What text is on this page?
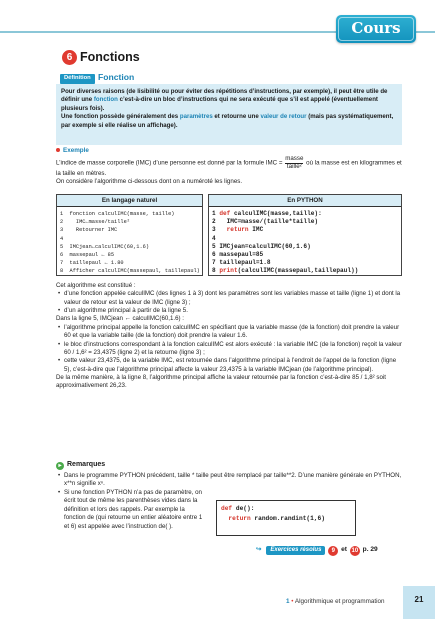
Cours
6 Fonctions
Définition Fonction

Pour diverses raisons (de lisibilité ou pour éviter des répétitions d’instructions, par exemple), il peut être utile de définir une fonction c’est-à-dire un bloc d’instructions qui ne sera exécuté que s’il est appelé (éventuellement plusieurs fois).

Une fonction possède généralement des paramètres et retourne une valeur de retour (mais pas systématiquement, par exemple si elle réalise un affichage).

Exemple
L’indice de masse corporelle (IMC) d’une personne est donné par la formule IMC = $\frac{\text{masse}}{\text{taille²}}$ où la masse est en kilogrammes et la taille en mètres.
On considère l’algorithme ci-dessous dont on a numéroté les lignes.
En langage naturel
1  fonction calculIMC(masse, taille)
2    IMC←masse/taille²
3    Retourner IMC
4
5  IMCjean←calculIMC(60,1.6)
6  massepaul ← 85
7  taillepaul ← 1.80
8  Afficher calculIMC(massepaul, taillepaul)
En PYTHON
1 def calculIMC(masse,taille):
2   IMC=masse/(taille*taille)
3   return IMC
4
5 IMCjean=calculIMC(60,1.6)
6 massepaul=85
7 taillepaul=1.8
8 print(calculIMC(massepaul,taillepaul))
Cet algorithme est constitué :
• d’une fonction appelée calculIMC (des lignes 1 à 3) dont les paramètres sont les variables masse et taille (ligne 1) et dont la valeur de retour est la valeur de IMC (ligne 3) ;
• d’un algorithme principal à partir de la ligne 5.
Dans la ligne 5, IMCjean ← calculIMC(60,1.6) :
• l’algorithme principal appelle la fonction calculIMC en spécifiant que la variable masse (de la fonction) doit prendre la valeur 60 et que la variable taille (de la fonction) doit prendre la valeur 1.6.
• le bloc d’instructions correspondant à la fonction calculIMC est alors exécuté : la variable IMC (de la fonction) reçoit la valeur 60 / 1,6² = 23,4375 (ligne 2) et la retourne (ligne 3) ;
• cette valeur 23,4375, de la variable IMC, est retournée dans l’algorithme principal à l’endroit de l’appel de la fonction (ligne 5), c’est-à-dire que l’algorithme principal affecte la valeur 23,4375 à la variable IMCjean (de l’algorithme principal).
De la même manière, à la ligne 8, l’algorithme principal affiche la valeur retournée par la fonction c’est-à-dire 85 / 1,8² soit approximativement 26,23.
▸ Remarques
• Dans le programme PYTHON précédent, taille * taille peut être remplacé par taille**2. D’une manière générale en PYTHON, x**n signifie xⁿ.
• Si une fonction PYTHON n’a pas de paramètre, on écrit tout de même les parenthèses vides dans la définition et lors des rappels. Par exemple la fonction de (qui retourne un entier aléatoire entre 1 et 6) est appelée avec l’instruction de( ).
def de():
return random.randint(1,6)
↪ Exercices résolus 9 et 10 p. 29
1 • Algorithmique et programmation	21
